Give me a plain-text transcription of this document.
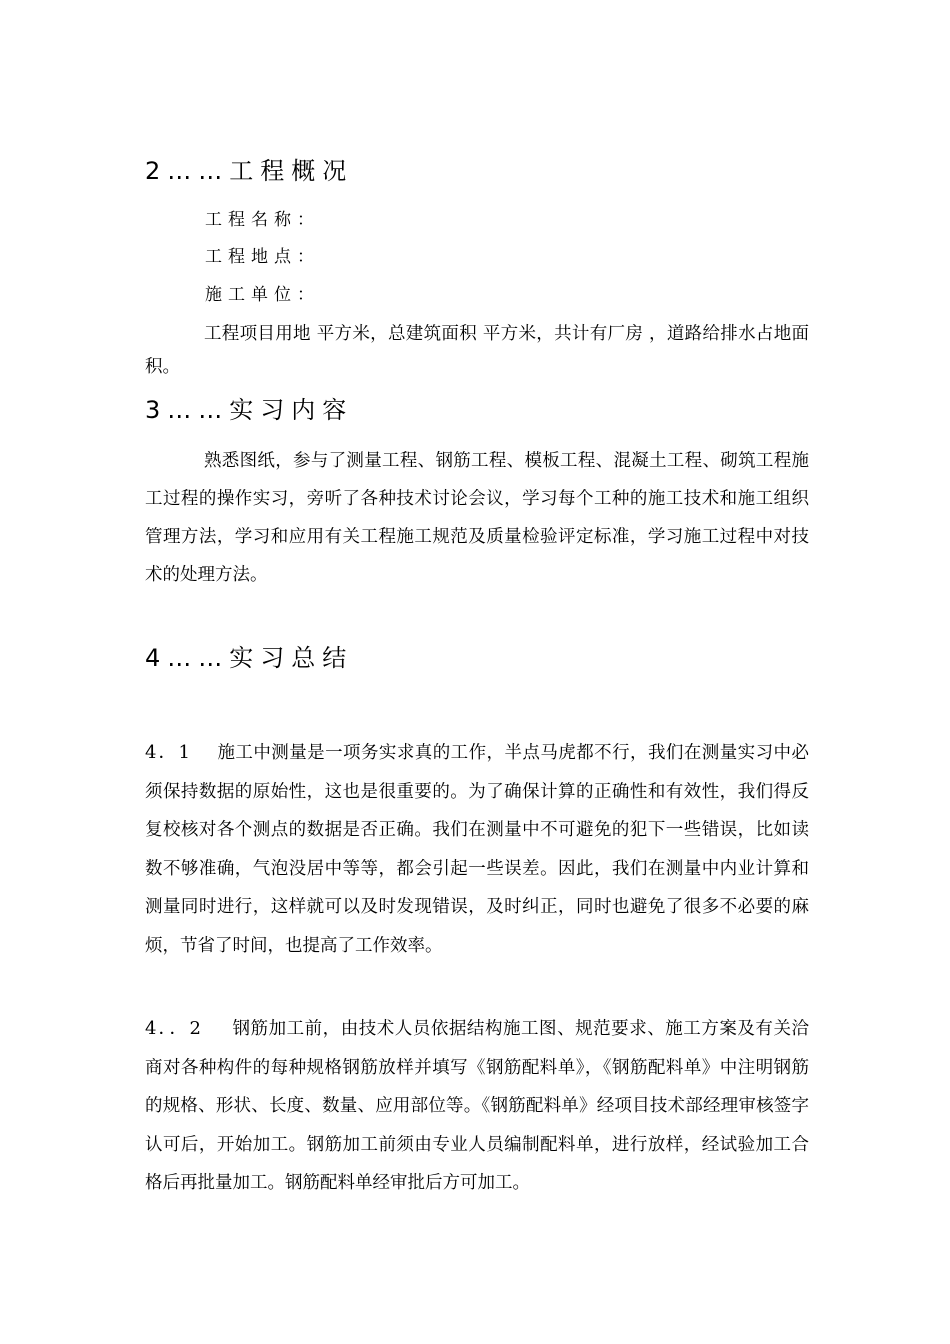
2……工程概况
工程名称：
工程地点：
施工单位：

工程项目用地 平方米，总建筑面积 平方米，共计有厂房 ，道路给排水占地面积。

3……实习内容

熟悉图纸，参与了测量工程、钢筋工程、模板工程、混凝土工程、砌筑工程施工过程的操作实习，旁听了各种技术讨论会议，学习每个工种的施工技术和施工组织管理方法，学习和应用有关工程施工规范及质量检验评定标准，学习施工过程中对技术的处理方法。

4……实习总结

4．1 施工中测量是一项务实求真的工作，半点马虎都不行，我们在测量实习中必须保持数据的原始性，这也是很重要的。为了确保计算的正确性和有效性，我们得反复校核对各个测点的数据是否正确。我们在测量中不可避免的犯下一些错误，比如读数不够准确，气泡没居中等等，都会引起一些误差。因此，我们在测量中内业计算和测量同时进行，这样就可以及时发现错误，及时纠正，同时也避免了很多不必要的麻烦，节省了时间，也提高了工作效率。

4．．2 钢筋加工前，由技术人员依据结构施工图、规范要求、施工方案及有关洽商对各种构件的每种规格钢筋放样并填写《钢筋配料单》，《钢筋配料单》中注明钢筋的规格、形状、长度、数量、应用部位等。《钢筋配料单》经项目技术部经理审核签字认可后，开始加工。钢筋加工前须由专业人员编制配料单，进行放样，经试验加工合格后再批量加工。钢筋配料单经审批后方可加工。
